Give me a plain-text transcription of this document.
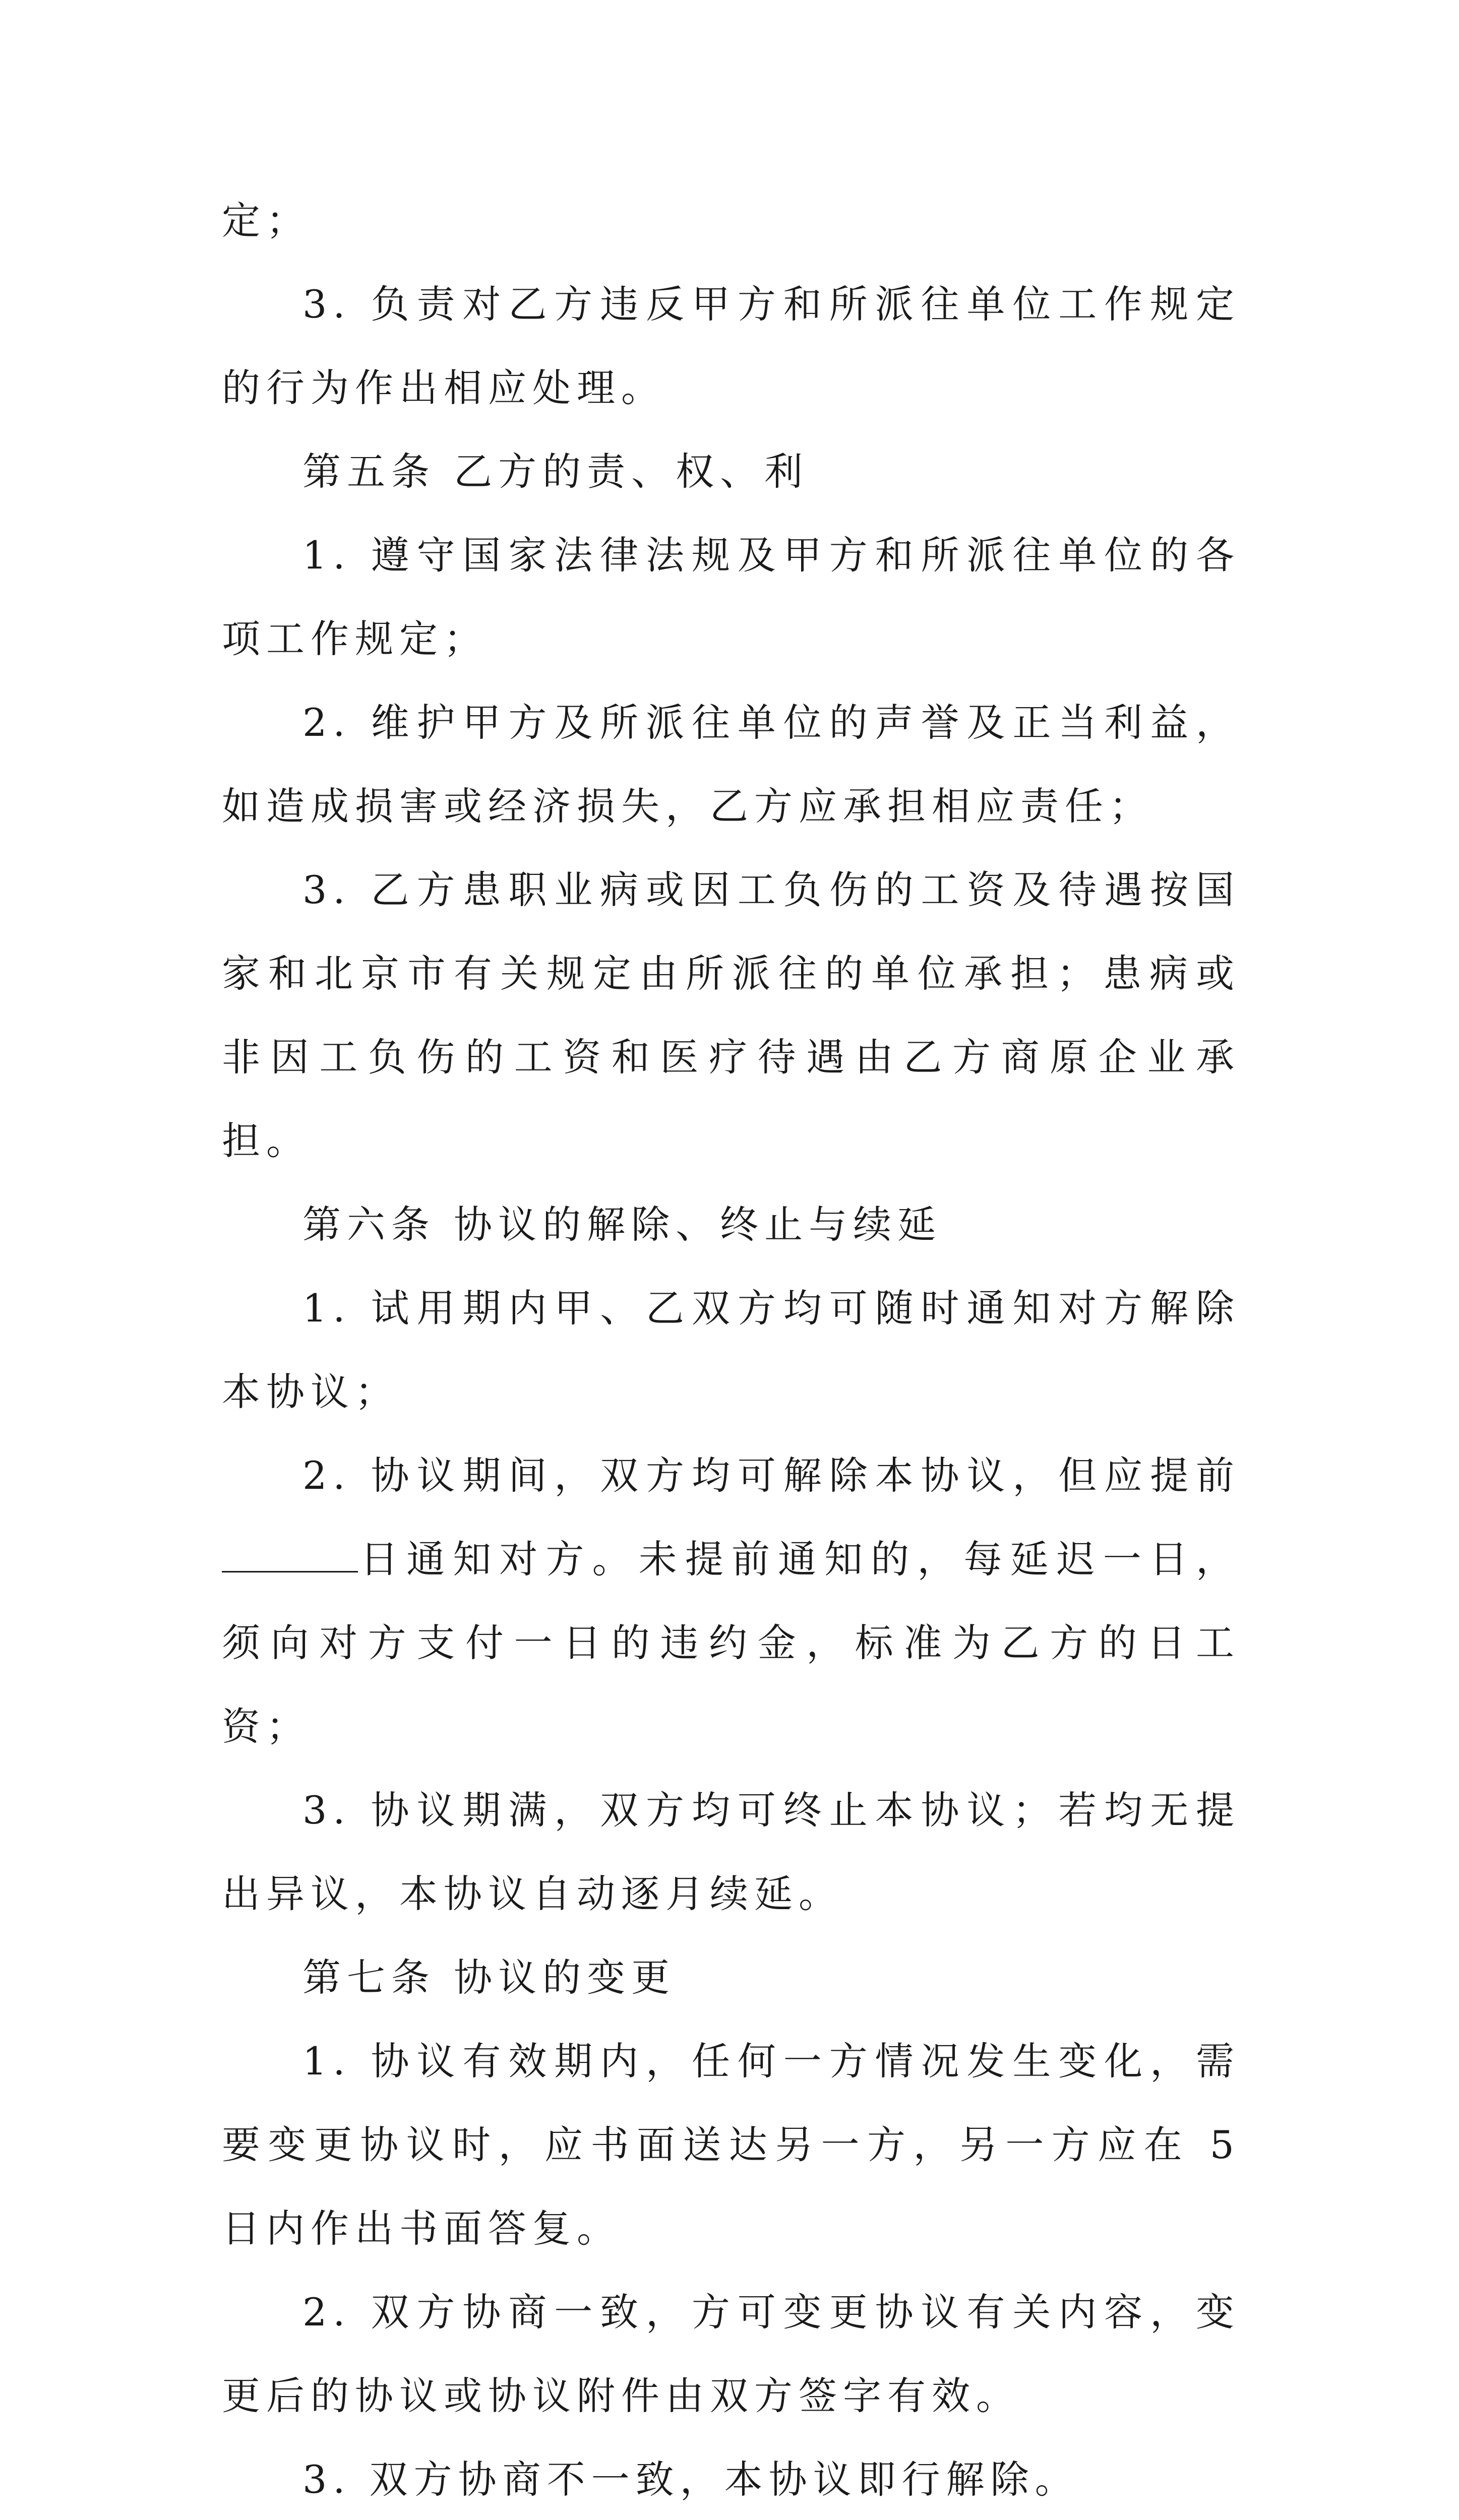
定；

3. 负责对乙方违反甲方和所派往单位工作规定的行为作出相应处理。

第五条 乙方的责、权、利

1. 遵守国家法律法规及甲方和所派往单位的各项工作规定；

2. 维护甲方及所派往单位的声誉及正当利益，如造成损害或经济损失，乙方应承担相应责任；

3. 乙方患职业病或因工负伤的工资及待遇按国家和北京市有关规定由所派往的单位承担；患病或非因工负伤的工资和医疗待遇由乙方商原企业承担。

第六条 协议的解除、终止与续延

1. 试用期内甲、乙双方均可随时通知对方解除本协议；

2. 协议期间，双方均可解除本协议，但应提前日通知对方。未提前通知的，每延迟一日，须向对方支付一日的违约金，标准为乙方的日工资；

3. 协议期满，双方均可终止本协议；若均无提出异议，本协议自动逐月续延。

第七条 协议的变更

1. 协议有效期内，任何一方情况发生变化，需要变更协议时，应书面送达另一方，另一方应在 5 日内作出书面答复。

2. 双方协商一致，方可变更协议有关内容，变更后的协议或协议附件由双方签字有效。

3. 双方协商不一致，本协议即行解除。
